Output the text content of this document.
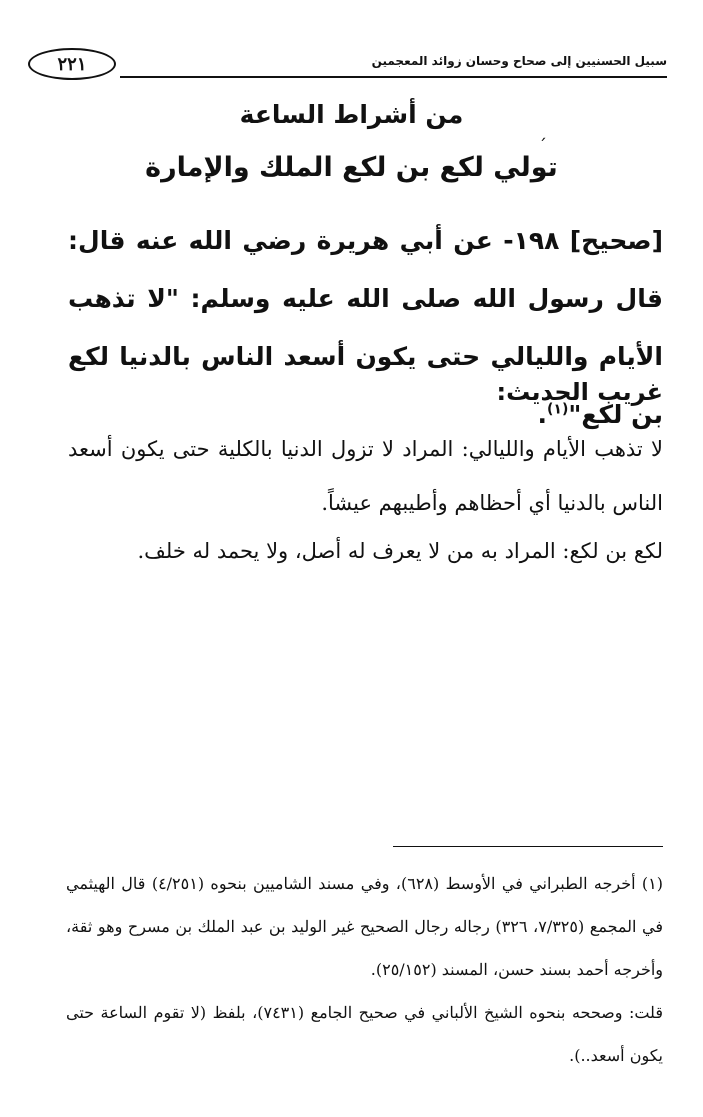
٢٢١	سبيل الحسنيين إلى صحاح وحسان زوائد المعجمين
من أشراط الساعة
´
تولي لكع بن لكع الملك والإمارة
[صحيح] ١٩٨- عن أبي هريرة رضي الله عنه قال: قال رسول الله صلى الله عليه وسلم: "لا تذهب الأيام والليالي حتى يكون أسعد الناس بالدنيا لكع بن لكع"$^{(١)}$.
غريب الحديث:
لا تذهب الأيام والليالي: المراد لا تزول الدنيا بالكلية حتى يكون أسعد الناس بالدنيا أي أحظاهم وأطيبهم عيشاً.
لكع بن لكع: المراد به من لا يعرف له أصل، ولا يحمد له خلف.

(١) أخرجه الطبراني في الأوسط (٦٢٨)، وفي مسند الشاميين بنحوه (٤/٢٥١) قال الهيثمي في المجمع (٧/٣٢٥، ٣٢٦) رجاله رجال الصحيح غير الوليد بن عبد الملك بن مسرح وهو ثقة، وأخرجه أحمد بسند حسن، المسند (٢٥/١٥٢).

قلت: وصححه بنحوه الشيخ الألباني في صحيح الجامع (٧٤٣١)، بلفظ (لا تقوم الساعة حتى يكون أسعد..).
